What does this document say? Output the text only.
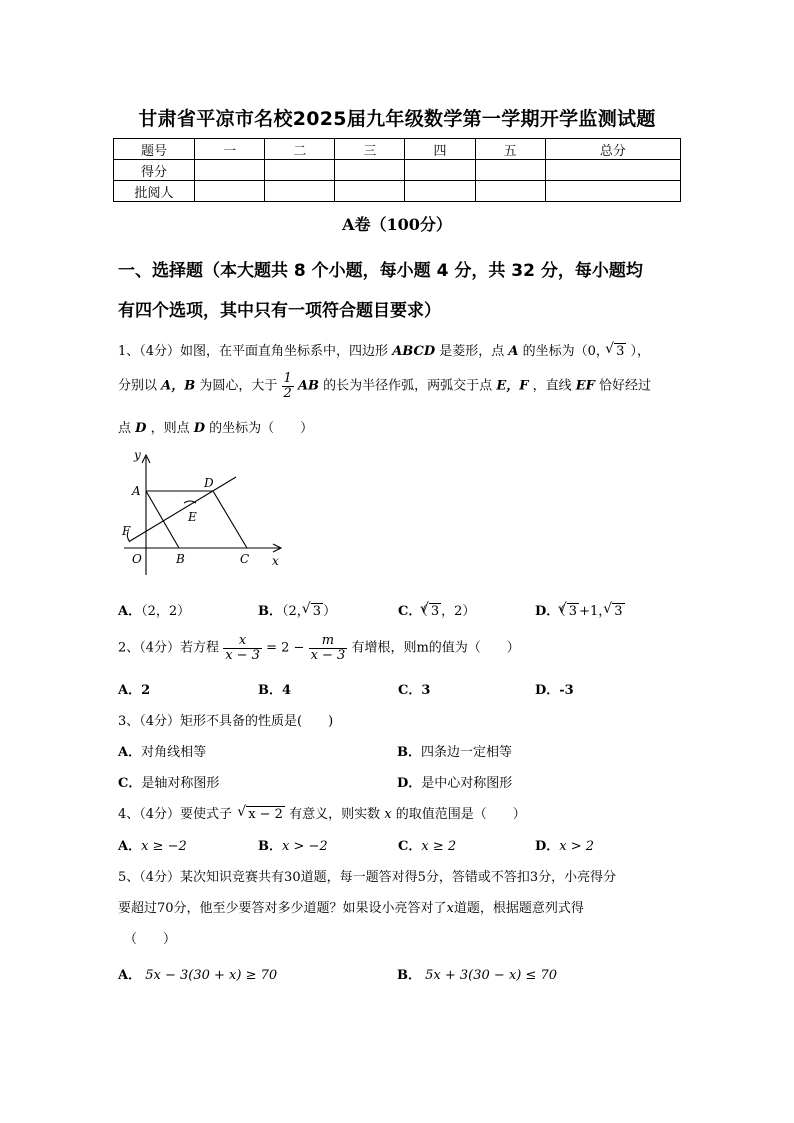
甘肃省平凉市名校2025届九年级数学第一学期开学监测试题
题号	一	二	三	四	五	总分
得分						
批阅人						
A卷（100分）
一、选择题（本大题共 8 个小题，每小题 4 分，共 32 分，每小题均
有四个选项，其中只有一项符合题目要求）
1、（4分）如图，在平面直角坐标系中，四边形 ABCD 是菱形，点 A 的坐标为（0， √ 3 ），
分别以 A，B 为圆心，大于 $\frac{1}{2}$ AB 的长为半径作弧，两弧交于点 E，F ，直线 EF 恰好经过
点 D ，则点 D 的坐标为（　　）
y
x
A
D
E
F
O	B	C
A．（2，2）	B．（2， √ 3 ）	C．（ √ 3 ，2）	D．（ √ 3 +1， √ 3
2、（4分）若方程 $\frac{x}{x - 3} = 2 - \frac{m}{x - 3}$ 有增根，则m的值为（　　）
A．2	B．4	C．3	D．-3
3、（4分）矩形不具备的性质是(　　)
A．对角线相等	B．四条边一定相等
C．是轴对称图形	D．是中心对称图形
4、（4分）要使式子 √ x − 2 有意义，则实数 x 的取值范围是（　　）
A．x ≥ −2	B．x > −2	C．x ≥ 2	D．x > 2
5、（4分）某次知识竞赛共有30道题，每一题答对得5分，答错或不答扣3分，小亮得分
要超过70分，他至少要答对多少道题？如果设小亮答对了x道题，根据题意列式得
（　　）
A． 5x − 3(30 + x) ≥ 70	B． 5x + 3(30 − x) ≤ 70
